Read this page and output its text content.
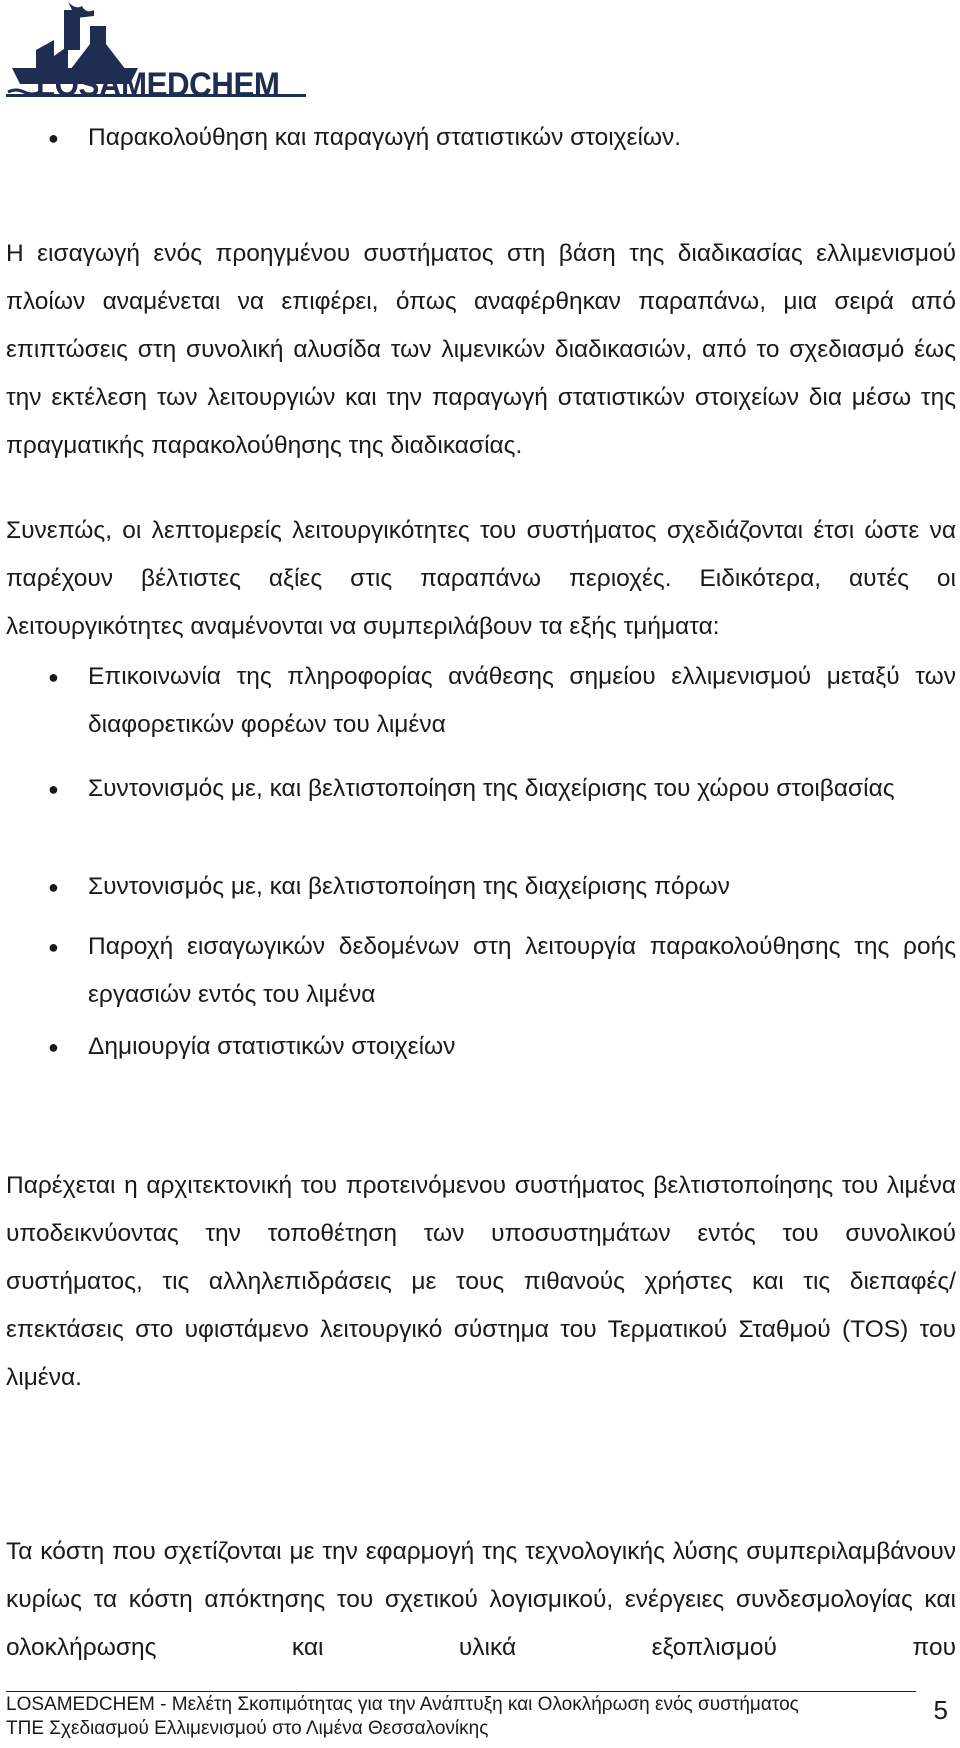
LOSAMEDCHEM
● Παρακολούθηση και παραγωγή στατιστικών στοιχείων.
Η εισαγωγή ενός προηγμένου συστήματος στη βάση της διαδικασίας ελλιμενισμού πλοίων αναμένεται να επιφέρει, όπως αναφέρθηκαν παραπάνω, μια σειρά από επιπτώσεις στη συνολική αλυσίδα των λιμενικών διαδικασιών, από το σχεδιασμό έως την εκτέλεση των λειτουργιών και την παραγωγή στατιστικών στοιχείων δια μέσω της πραγματικής παρακολούθησης της διαδικασίας.
Συνεπώς, οι λεπτομερείς λειτουργικότητες του συστήματος σχεδιάζονται έτσι ώστε να παρέχουν βέλτιστες αξίες στις παραπάνω περιοχές. Ειδικότερα, αυτές οι λειτουργικότητες αναμένονται να συμπεριλάβουν τα εξής τμήματα:
● Επικοινωνία της πληροφορίας ανάθεσης σημείου ελλιμενισμού μεταξύ των διαφορετικών φορέων του λιμένα
● Συντονισμός με, και βελτιστοποίηση της διαχείρισης του χώρου στοιβασίας
● Συντονισμός με, και βελτιστοποίηση της διαχείρισης πόρων
● Παροχή εισαγωγικών δεδομένων στη λειτουργία παρακολούθησης της ροής εργασιών εντός του λιμένα
● Δημιουργία στατιστικών στοιχείων
Παρέχεται η αρχιτεκτονική του προτεινόμενου συστήματος βελτιστοποίησης του λιμένα υποδεικνύοντας την τοποθέτηση των υποσυστημάτων εντός του συνολικού συστήματος, τις αλληλεπιδράσεις με τους πιθανούς χρήστες και τις διεπαφές/ επεκτάσεις στο υφιστάμενο λειτουργικό σύστημα του Τερματικού Σταθμού (TOS) του λιμένα.
Τα κόστη που σχετίζονται με την εφαρμογή της τεχνολογικής λύσης συμπεριλαμβάνουν κυρίως τα κόστη απόκτησης του σχετικού λογισμικού, ενέργειες συνδεσμολογίας και ολοκλήρωσης και υλικά εξοπλισμού που
LOSAMEDCHEM - Μελέτη Σκοπιμότητας για την Ανάπτυξη και Ολοκλήρωση ενός συστήματος
ΤΠΕ Σχεδιασμού Ελλιμενισμού στο Λιμένα Θεσσαλονίκης
5
